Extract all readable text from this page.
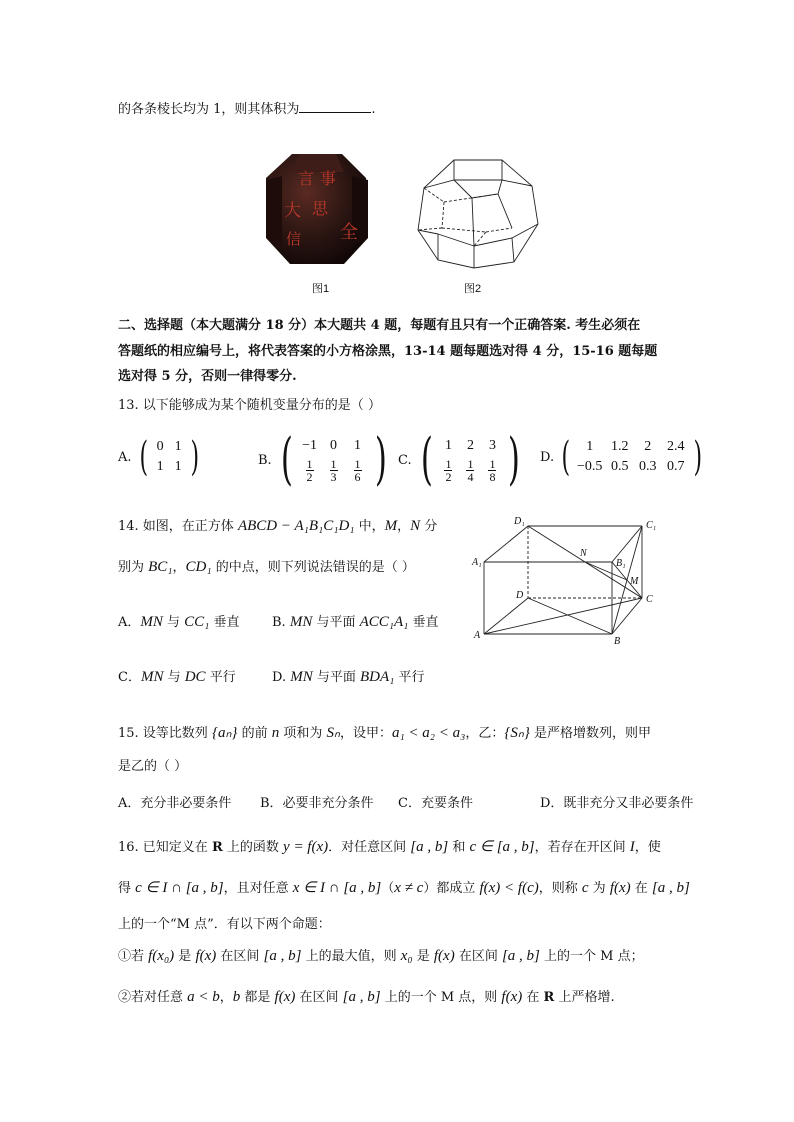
的各条棱长均为 1，则其体积为	.
言 事
大 思
信 全
图1	图2
二、选择题（本大题满分 18 分）本大题共 4 题，每题有且只有一个正确答案. 考生必须在
答题纸的相应编号上，将代表答案的小方格涂黑，13-14 题每题选对得 4 分，15-16 题每题
选对得 5 分，否则一律得零分.
13. 以下能够成为某个随机变量分布的是（ ）
A. ( 0 1
1 1 )	B. ( −1 0	1
$\frac{1}{2} \frac{1}{3} \frac{1}{6}$ ) C. ( 1	2	3
$\frac{1}{2} \frac{1}{4} \frac{1}{8}$ ) D. (	1	1.2	2	2.4
−0.5 0.5 0.3 0.7 )
14. 如图，在正方体 ABCD − A₁B₁C₁D₁ 中，M，N 分
别为 BC₁，CD₁ 的中点，则下列说法错误的是（ ）
A．MN 与 CC₁ 垂直 B. MN 与平面 ACC₁A₁ 垂直
C．MN 与 DC 平行	D. MN 与平面 BDA₁ 平行
D₁	C₁
A₁	B₁
N
M
D	C
A
B
15. 设等比数列 {aₙ} 的前 n 项和为 Sₙ，设甲：a₁ < a₂ < a₃，乙：{Sₙ} 是严格增数列，则甲
是乙的（ ）
A．充分非必要条件 B．必要非充分条件 C．充要条件	D．既非充分又非必要条件
16. 已知定义在 R 上的函数 y = f(x)．对任意区间 [a , b] 和 c ∈ [a , b]，若存在开区间 I，使
得 c ∈ I ∩ [a , b]，且对任意 x ∈ I ∩ [a , b]（x ≠ c）都成立 f(x) < f(c)，则称 c 为 f(x) 在 [a , b]
上的一个“M 点”．有以下两个命题：
①若 f(x₀) 是 f(x) 在区间 [a , b] 上的最大值，则 x₀ 是 f(x) 在区间 [a , b] 上的一个 M 点；
②若对任意 a < b，b 都是 f(x) 在区间 [a , b] 上的一个 M 点，则 f(x) 在 R 上严格增.
